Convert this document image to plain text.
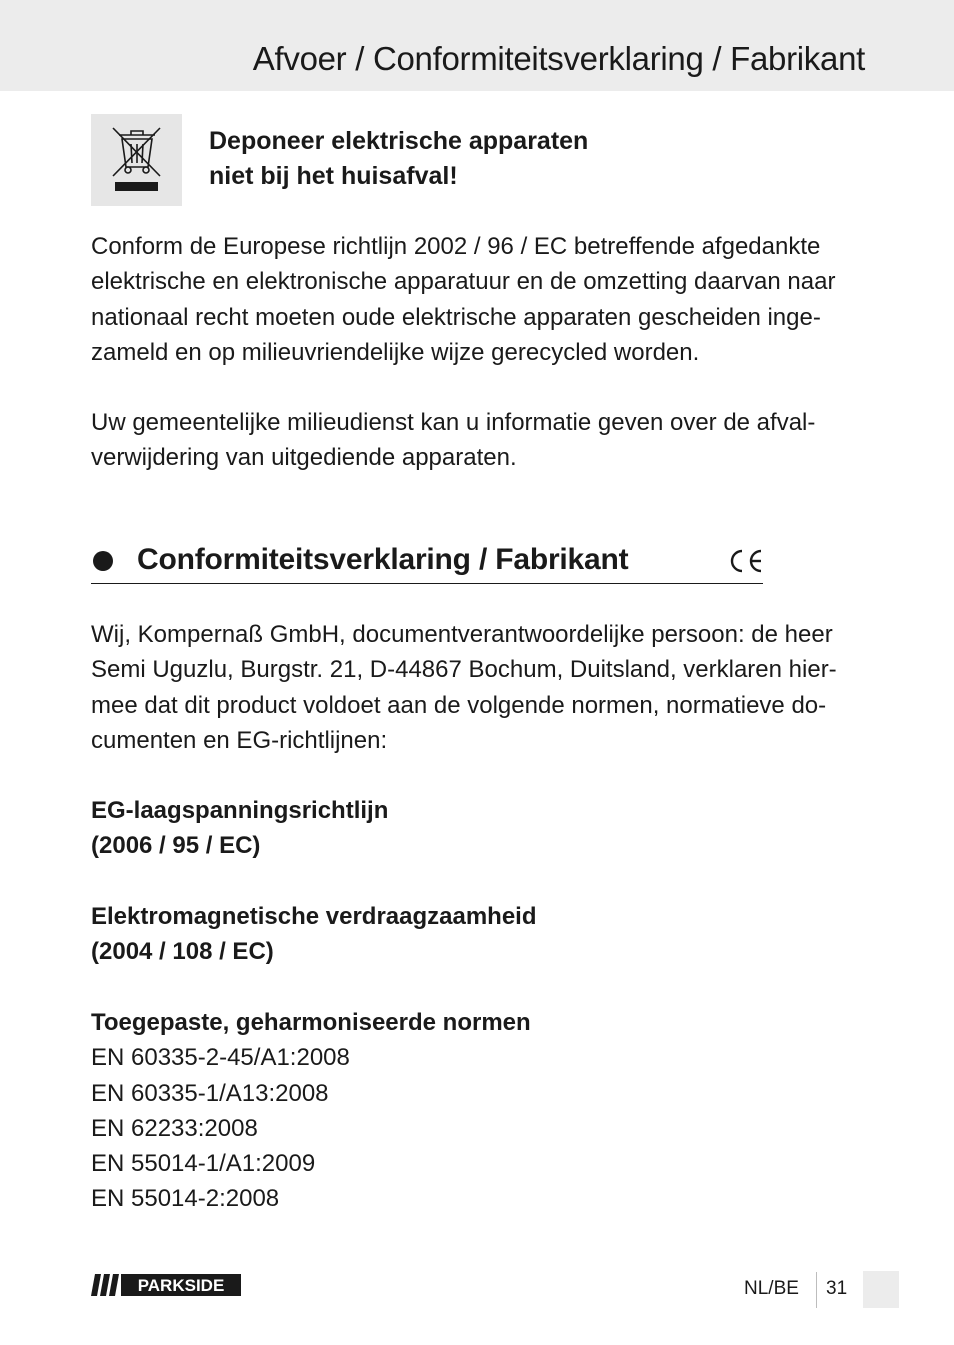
Afvoer / Conformiteitsverklaring / Fabrikant

Deponeer elektrische apparaten
niet bij het huisafval!

Conform de Europese richtlijn 2002 / 96 / EC betreffende afgedankte
elektrische en elektronische apparatuur en de omzetting daarvan naar
nationaal recht moeten oude elektrische apparaten gescheiden inge-
zameld en op milieuvriendelijke wijze gerecycled worden.

Uw gemeentelijke milieudienst kan u informatie geven over de afval-
verwijdering van uitgediende apparaten.

Conformiteitsverklaring / Fabrikant

Wij, Kompernaß GmbH, documentverantwoordelijke persoon: de heer
Semi Uguzlu, Burgstr. 21, D-44867 Bochum, Duitsland, verklaren hier-
mee dat dit product voldoet aan de volgende normen, normatieve do-
cumenten en EG-richtlijnen:

EG-laagspanningsrichtlijn
(2006 / 95 / EC)
Elektromagnetische verdraagzaamheid
(2004 / 108 / EC)
Toegepaste, geharmoniseerde normen
EN 60335-2-45/A1:2008
EN 60335-1/A13:2008
EN 62233:2008
EN 55014-1/A1:2009
EN 55014-2:2008
PARKSIDE	NL/BE 31
